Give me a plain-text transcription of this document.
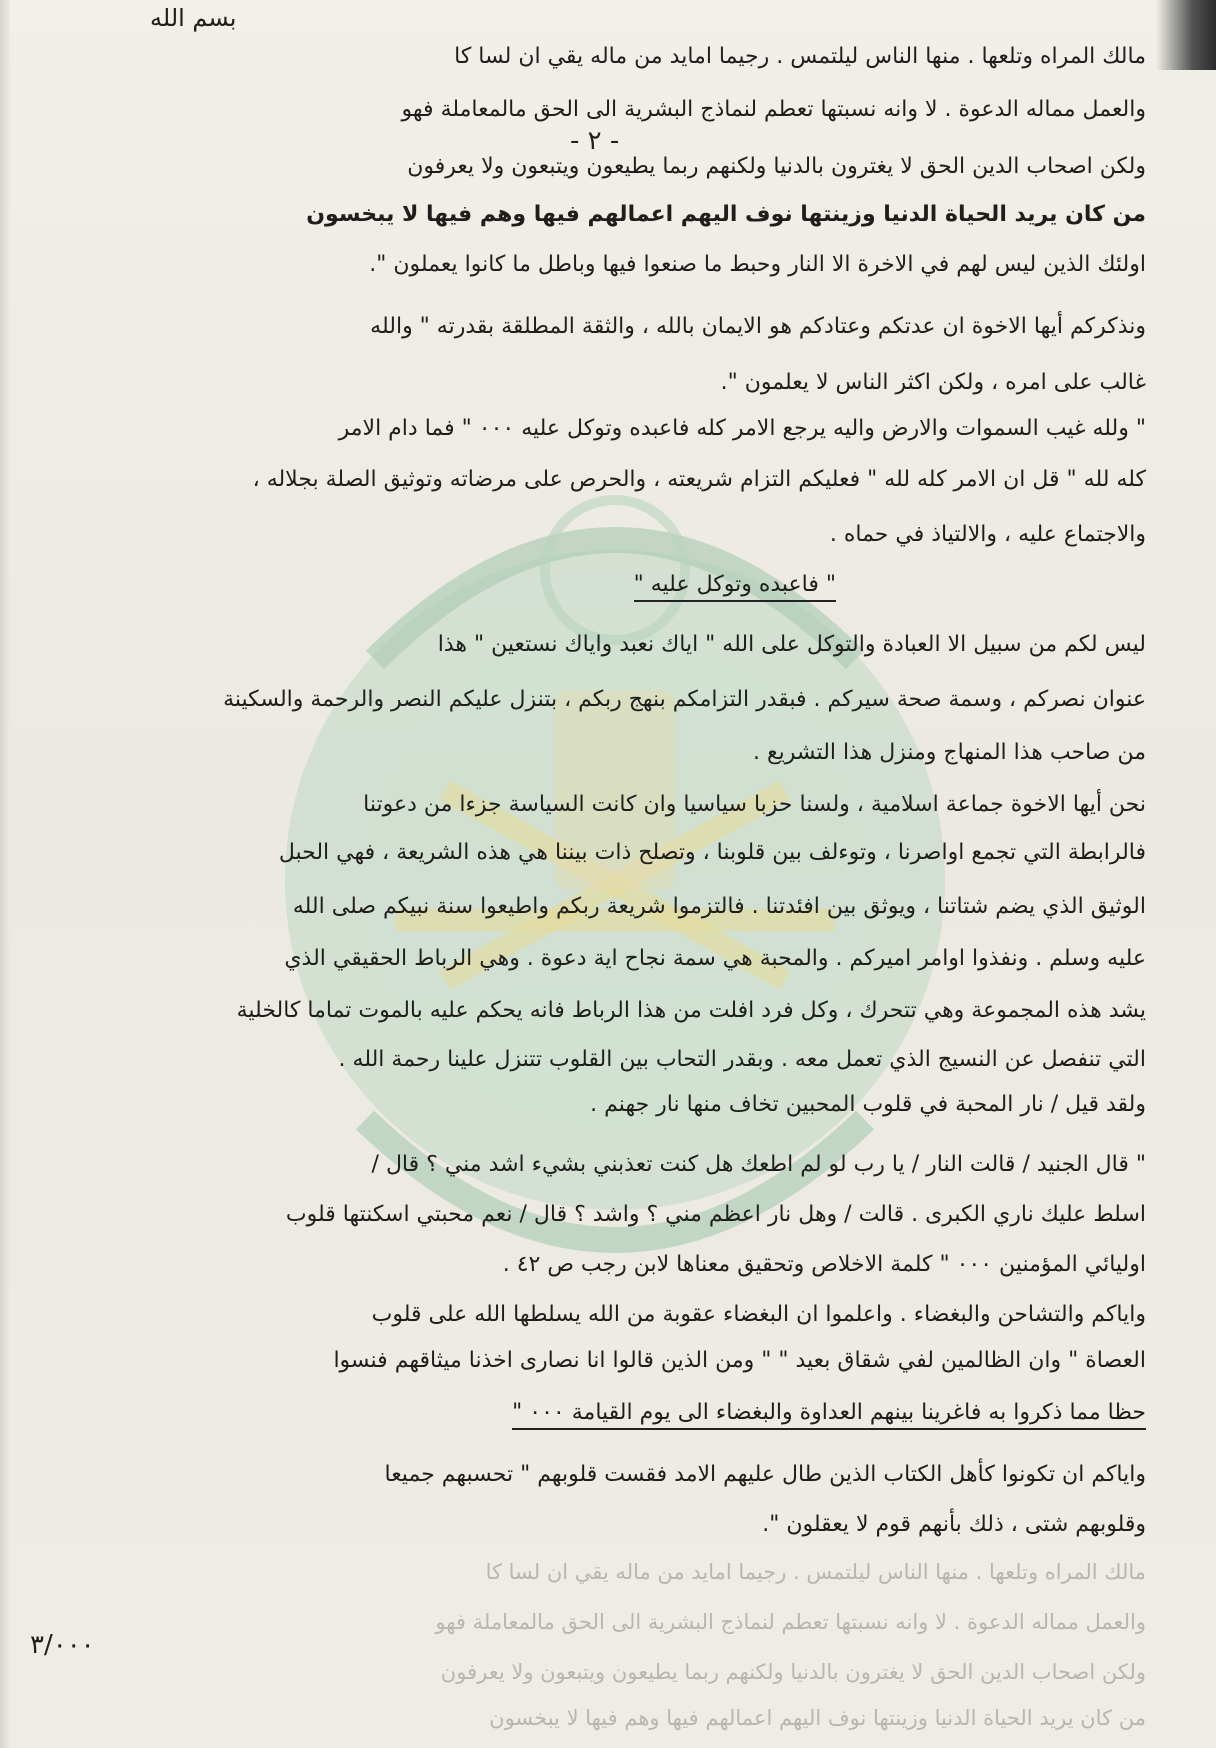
بسم الله
- ٢ -
مالك المراه وتلعها . منها الناس ليلتمس . رجيما امايد من ماله يقي ان لسا كا
والعمل مماله الدعوة . لا وانه نسبتها تعطم لنماذج البشرية الى الحق مالمعاملة فهو
ولكن اصحاب الدين الحق لا يغترون بالدنيا ولكنهم ربما يطيعون ويتبعون ولا يعرفون
من كان يريد الحياة الدنيا وزينتها نوف اليهم اعمالهم فيها وهم فيها لا يبخسون
اولئك الذين ليس لهم في الاخرة الا النار وحبط ما صنعوا فيها وباطل ما كانوا يعملون ".
ونذكركم أيها الاخوة ان عدتكم وعتادكم هو الايمان بالله ، والثقة المطلقة بقدرته " والله
غالب على امره ، ولكن اكثر الناس لا يعلمون ".
" ولله غيب السموات والارض واليه يرجع الامر كله فاعبده وتوكل عليه ٠٠٠ " فما دام الامر
كله لله " قل ان الامر كله لله " فعليكم التزام شريعته ، والحرص على مرضاته وتوثيق الصلة بجلاله ،
والاجتماع عليه ، والالتياذ في حماه .
" فاعبده وتوكل عليه "
ليس لكم من سبيل الا العبادة والتوكل على الله " اياك نعبد واياك نستعين " هذا
عنوان نصركم ، وسمة صحة سيركم . فبقدر التزامكم بنهج ربكم ، بتنزل عليكم النصر والرحمة والسكينة
من صاحب هذا المنهاج ومنزل هذا التشريع .
نحن أيها الاخوة جماعة اسلامية ، ولسنا حزبا سياسيا وان كانت السياسة جزءا من دعوتنا
فالرابطة التي تجمع اواصرنا ، وتوءلف بين قلوبنا ، وتصلح ذات بيننا هي هذه الشريعة ، فهي الحبل
الوثيق الذي يضم شتاتنا ، ويوثق بين افئدتنا . فالتزموا شريعة ربكم واطيعوا سنة نبيكم صلى الله
عليه وسلم . ونفذوا اوامر اميركم . والمحبة هي سمة نجاح اية دعوة . وهي الرباط الحقيقي الذي
يشد هذه المجموعة وهي تتحرك ، وكل فرد افلت من هذا الرباط فانه يحكم عليه بالموت تماما كالخلية
التي تنفصل عن النسيج الذي تعمل معه . وبقدر التحاب بين القلوب تتنزل علينا رحمة الله .
ولقد قيل / نار المحبة في قلوب المحبين تخاف منها نار جهنم .
" قال الجنيد / قالت النار / يا رب لو لم اطعك هل كنت تعذبني بشيء اشد مني ؟ قال /
اسلط عليك ناري الكبرى . قالت / وهل نار اعظم مني ؟ واشد ؟ قال / نعم محبتي اسكنتها قلوب
اوليائي المؤمنين ٠٠٠ " كلمة الاخلاص وتحقيق معناها لابن رجب ص ٤٢ .
واياكم والتشاحن والبغضاء . واعلموا ان البغضاء عقوبة من الله يسلطها الله على قلوب
العصاة " وان الظالمين لفي شقاق بعيد " " ومن الذين قالوا انا نصارى اخذنا ميثاقهم فنسوا
حظا مما ذكروا به فاغرينا بينهم العداوة والبغضاء الى يوم القيامة ٠٠٠ "
واياكم ان تكونوا كأهل الكتاب الذين طال عليهم الامد فقست قلوبهم " تحسبهم جميعا
وقلوبهم شتى ، ذلك بأنهم قوم لا يعقلون ".
مالك المراه وتلعها . منها الناس ليلتمس . رجيما امايد من ماله يقي ان لسا كا
والعمل مماله الدعوة . لا وانه نسبتها تعطم لنماذج البشرية الى الحق مالمعاملة فهو
ولكن اصحاب الدين الحق لا يغترون بالدنيا ولكنهم ربما يطيعون ويتبعون ولا يعرفون
من كان يريد الحياة الدنيا وزينتها نوف اليهم اعمالهم فيها وهم فيها لا يبخسون
٣/٠٠٠
